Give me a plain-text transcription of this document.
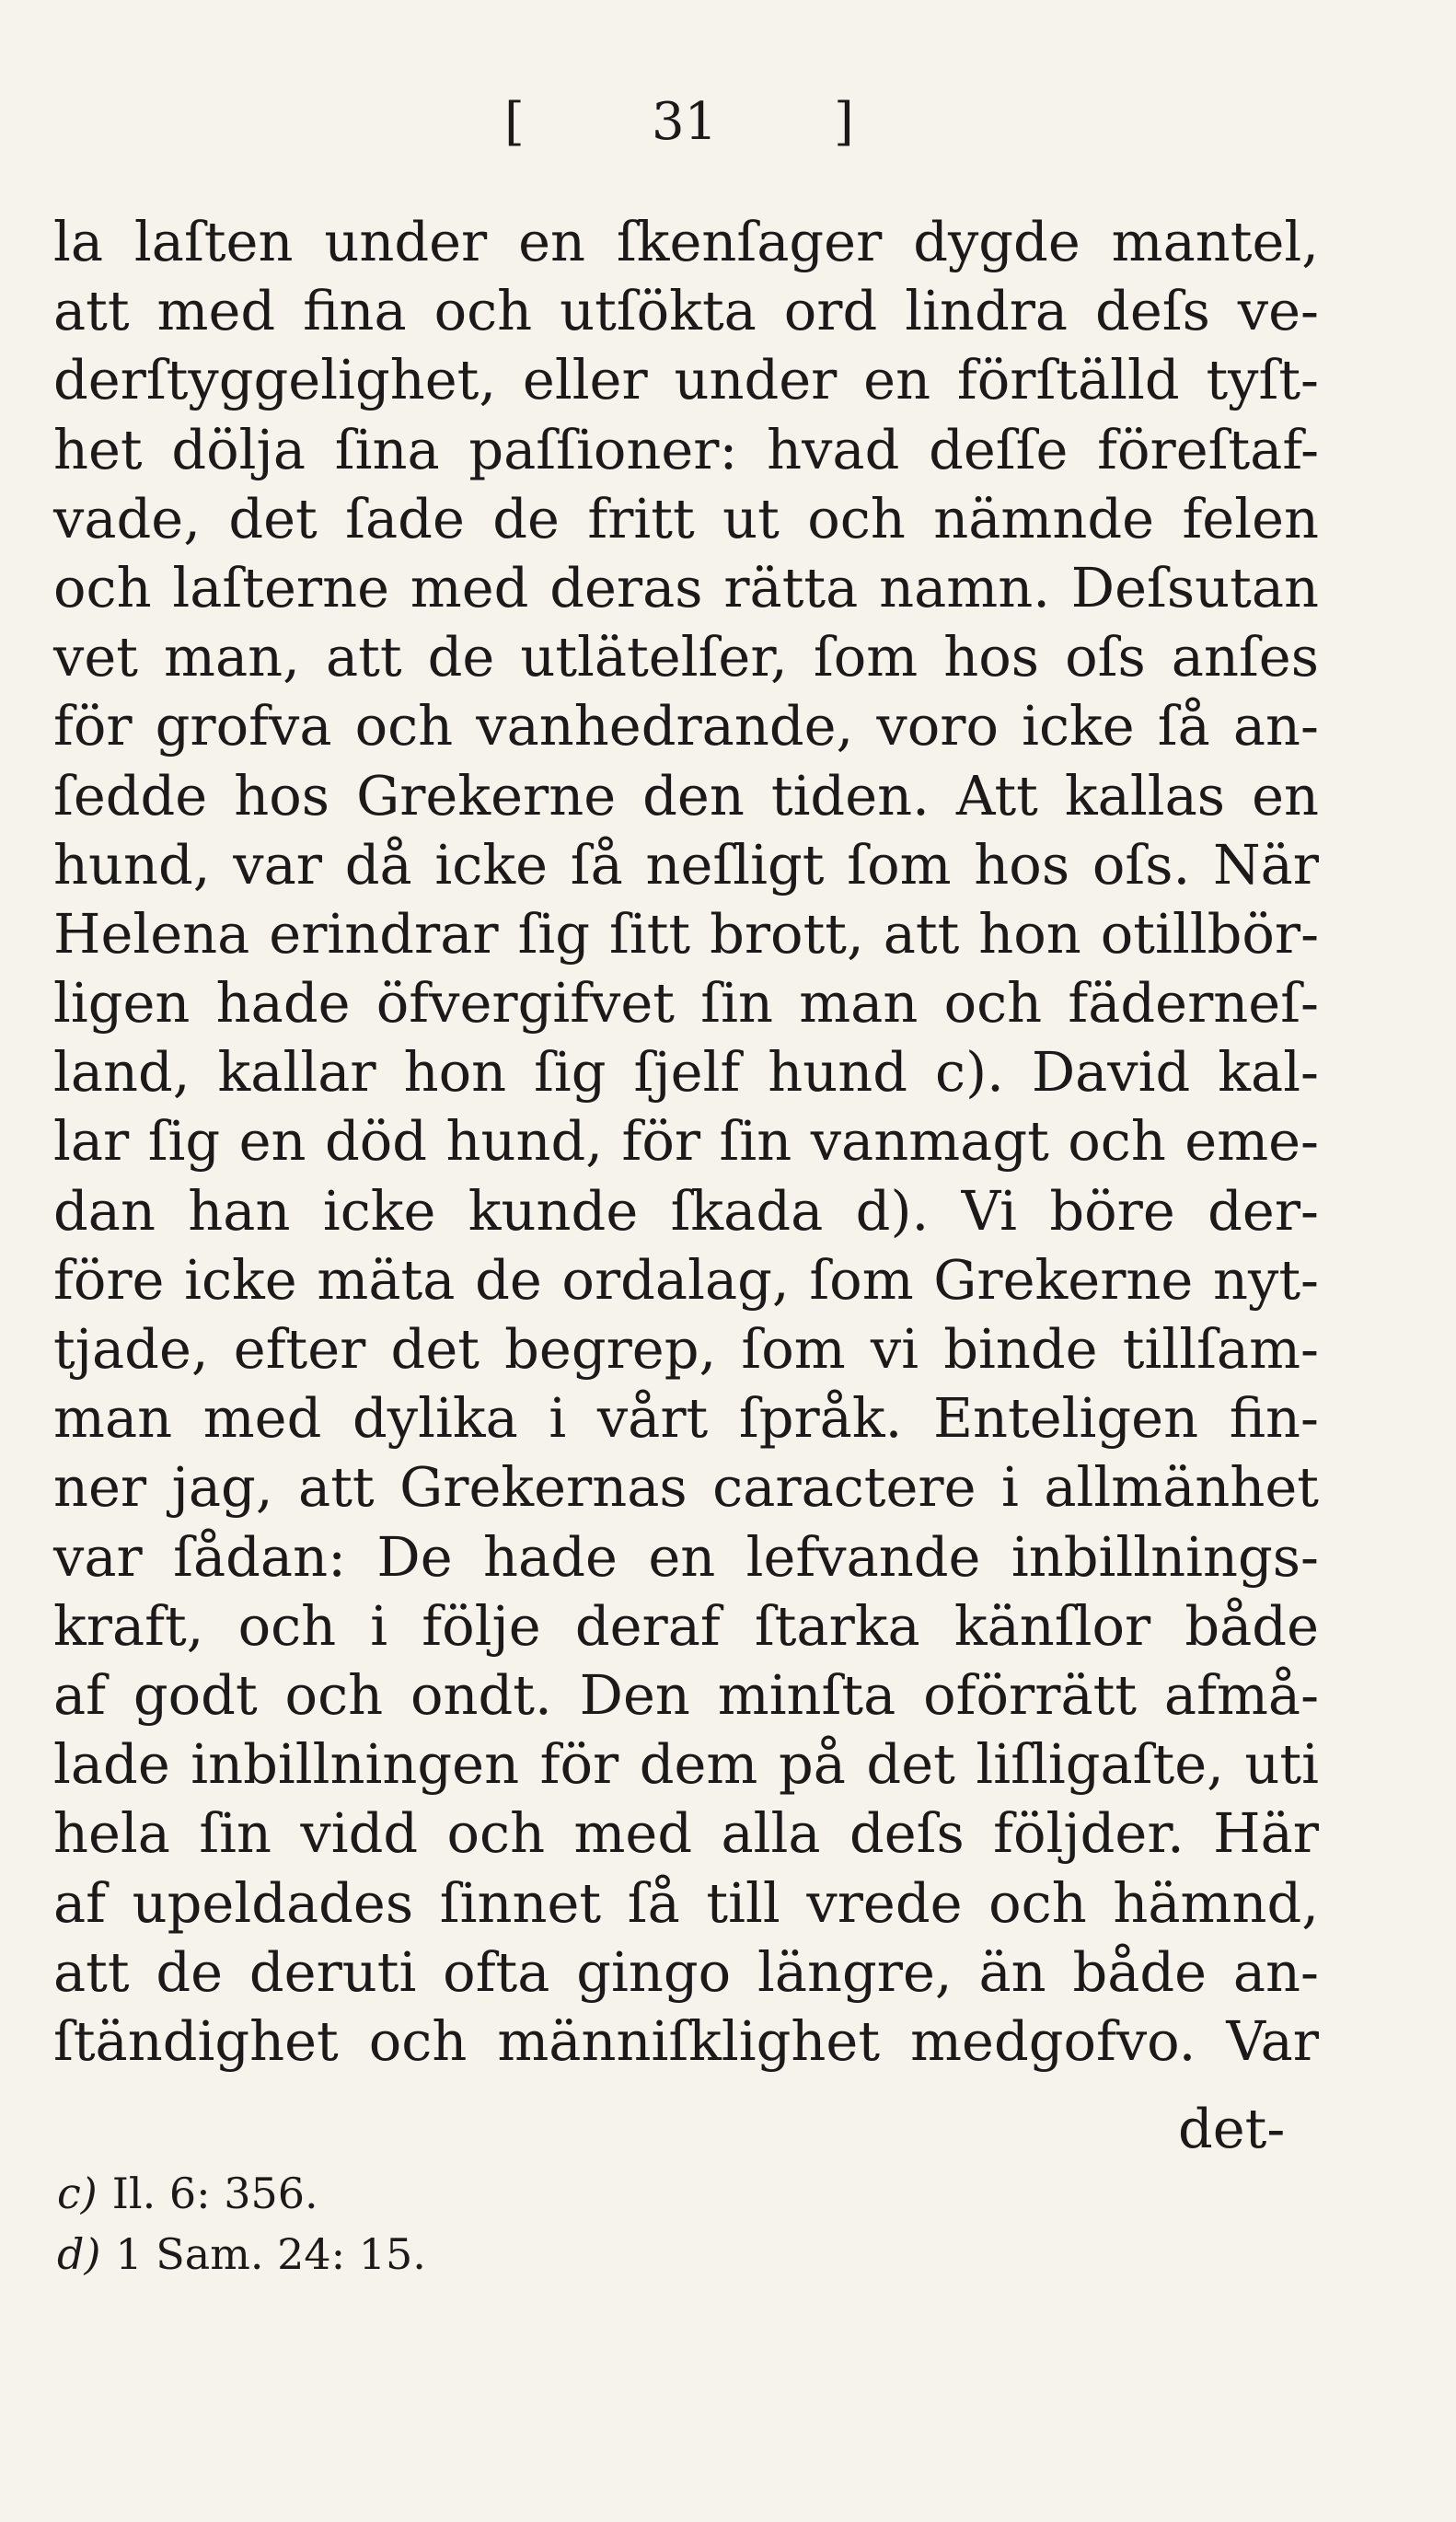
[ 31 ]
la laſten under en ſkenſager dygde mantel,
att med fina och utſökta ord lindra deſs ve-
derſtyggelighet, eller under en förſtälld tyſt-
het dölja ſina paſſioner: hvad deſſe föreſtaf-
vade, det ſade de fritt ut och nämnde felen
och laſterne med deras rätta namn. Deſsutan
vet man, att de utlätelſer, ſom hos oſs anſes
för grofva och vanhedrande, voro icke ſå an-
ſedde hos Grekerne den tiden. Att kallas en
hund, var då icke ſå neſligt ſom hos oſs. När
Helena erindrar ſig ſitt brott, att hon otillbör-
ligen hade öfvergifvet ſin man och fäderneſ-
land, kallar hon ſig ſjelf hund c). David kal-
lar ſig en död hund, för ſin vanmagt och eme-
dan han icke kunde ſkada d). Vi böre der-
före icke mäta de ordalag, ſom Grekerne nyt-
tjade, efter det begrep, ſom vi binde tillſam-
man med dylika i vårt ſpråk. Enteligen fin-
ner jag, att Grekernas caractere i allmänhet
var ſådan: De hade en lefvande inbillnings-
kraft, och i följe deraf ſtarka känſlor både
af godt och ondt. Den minſta oförrätt afmå-
lade inbillningen för dem på det liſligaſte, uti
hela ſin vidd och med alla deſs följder. Här
af upeldades ſinnet ſå till vrede och hämnd,
att de deruti ofta gingo längre, än både an-
ſtändighet och männiſklighet medgofvo. Var
det-
c) Il. 6: 356.
d) 1 Sam. 24: 15.
